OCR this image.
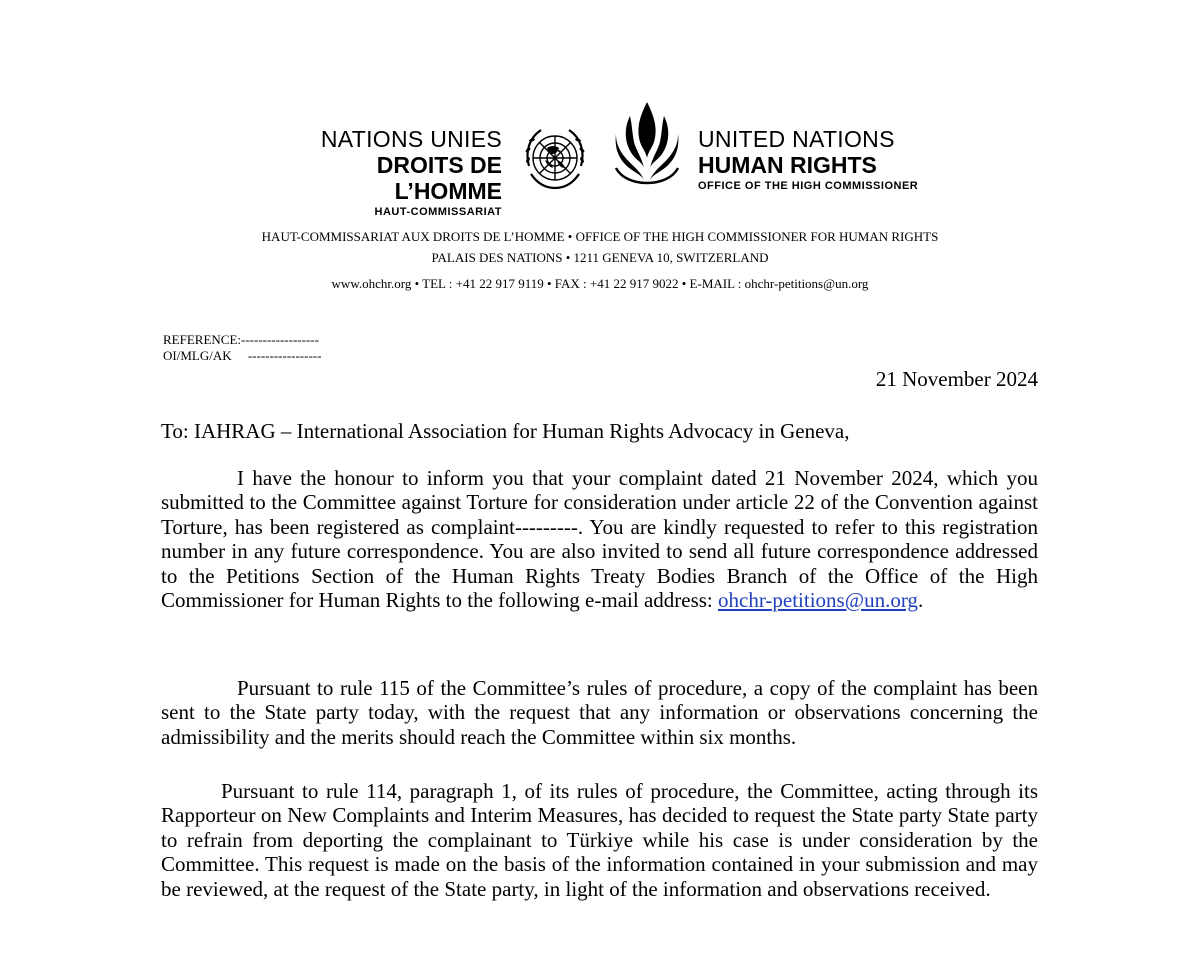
NATIONS UNIES
DROITS DE L’HOMME
HAUT-COMMISSARIAT
UNITED NATIONS
HUMAN RIGHTS
OFFICE OF THE HIGH COMMISSIONER
HAUT-COMMISSARIAT AUX DROITS DE L’HOMME • OFFICE OF THE HIGH COMMISSIONER FOR HUMAN RIGHTS
PALAIS DES NATIONS • 1211 GENEVA 10, SWITZERLAND
www.ohchr.org • TEL : +41 22 917 9119 • FAX : +41 22 917 9022 • E-MAIL : ohchr-petitions@un.org
REFERENCE:------------------
OI/MLG/AK     -----------------
21 November 2024

To: IAHRAG – International Association for Human Rights Advocacy in Geneva,

I have the honour to inform you that your complaint dated 21 November 2024, which you submitted to the Committee against Torture for consideration under article 22 of the Convention against Torture, has been registered as complaint---------. You are kindly requested to refer to this registration number in any future correspondence. You are also invited to send all future correspondence addressed to the Petitions Section of the Human Rights Treaty Bodies Branch of the Office of the High Commissioner for Human Rights to the following e-mail address: ohchr-petitions@un.org.

Pursuant to rule 115 of the Committee’s rules of procedure, a copy of the complaint has been sent to the State party today, with the request that any information or observations concerning the admissibility and the merits should reach the Committee within six months.

Pursuant to rule 114, paragraph 1, of its rules of procedure, the Committee, acting through its Rapporteur on New Complaints and Interim Measures, has decided to request the State party State party to refrain from deporting the complainant to Türkiye while his case is under consideration by the Committee. This request is made on the basis of the information contained in your submission and may be reviewed, at the request of the State party, in light of the information and observations received.
